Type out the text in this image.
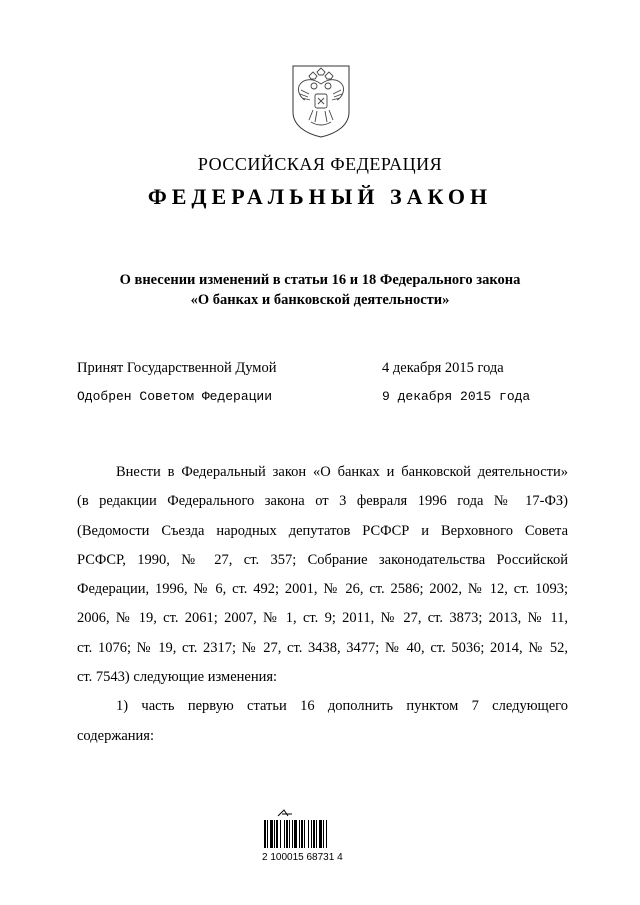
РОССИЙСКАЯ ФЕДЕРАЦИЯ
ФЕДЕРАЛЬНЫЙ ЗАКОН
О внесении изменений в статьи 16 и 18 Федерального закона
«О банках и банковской деятельности»
Принят Государственной Думой	4 декабря 2015 года
Одобрен Советом Федерации	9 декабря 2015 года
Внести в Федеральный закон «О банках и банковской деятельности»
(в редакции Федерального закона от 3 февраля 1996 года № 17-ФЗ)
(Ведомости Съезда народных депутатов РСФСР и Верховного Совета
РСФСР, 1990, № 27, ст. 357; Собрание законодательства Российской
Федерации, 1996, № 6, ст. 492; 2001, № 26, ст. 2586; 2002, № 12, ст. 1093;
2006, № 19, ст. 2061; 2007, № 1, ст. 9; 2011, № 27, ст. 3873; 2013, № 11,
ст. 1076; № 19, ст. 2317; № 27, ст. 3438, 3477; № 40, ст. 5036; 2014, № 52,
ст. 7543) следующие изменения:
1) часть первую статьи 16 дополнить пунктом 7 следующего
содержания:
2 100015 68731 4
